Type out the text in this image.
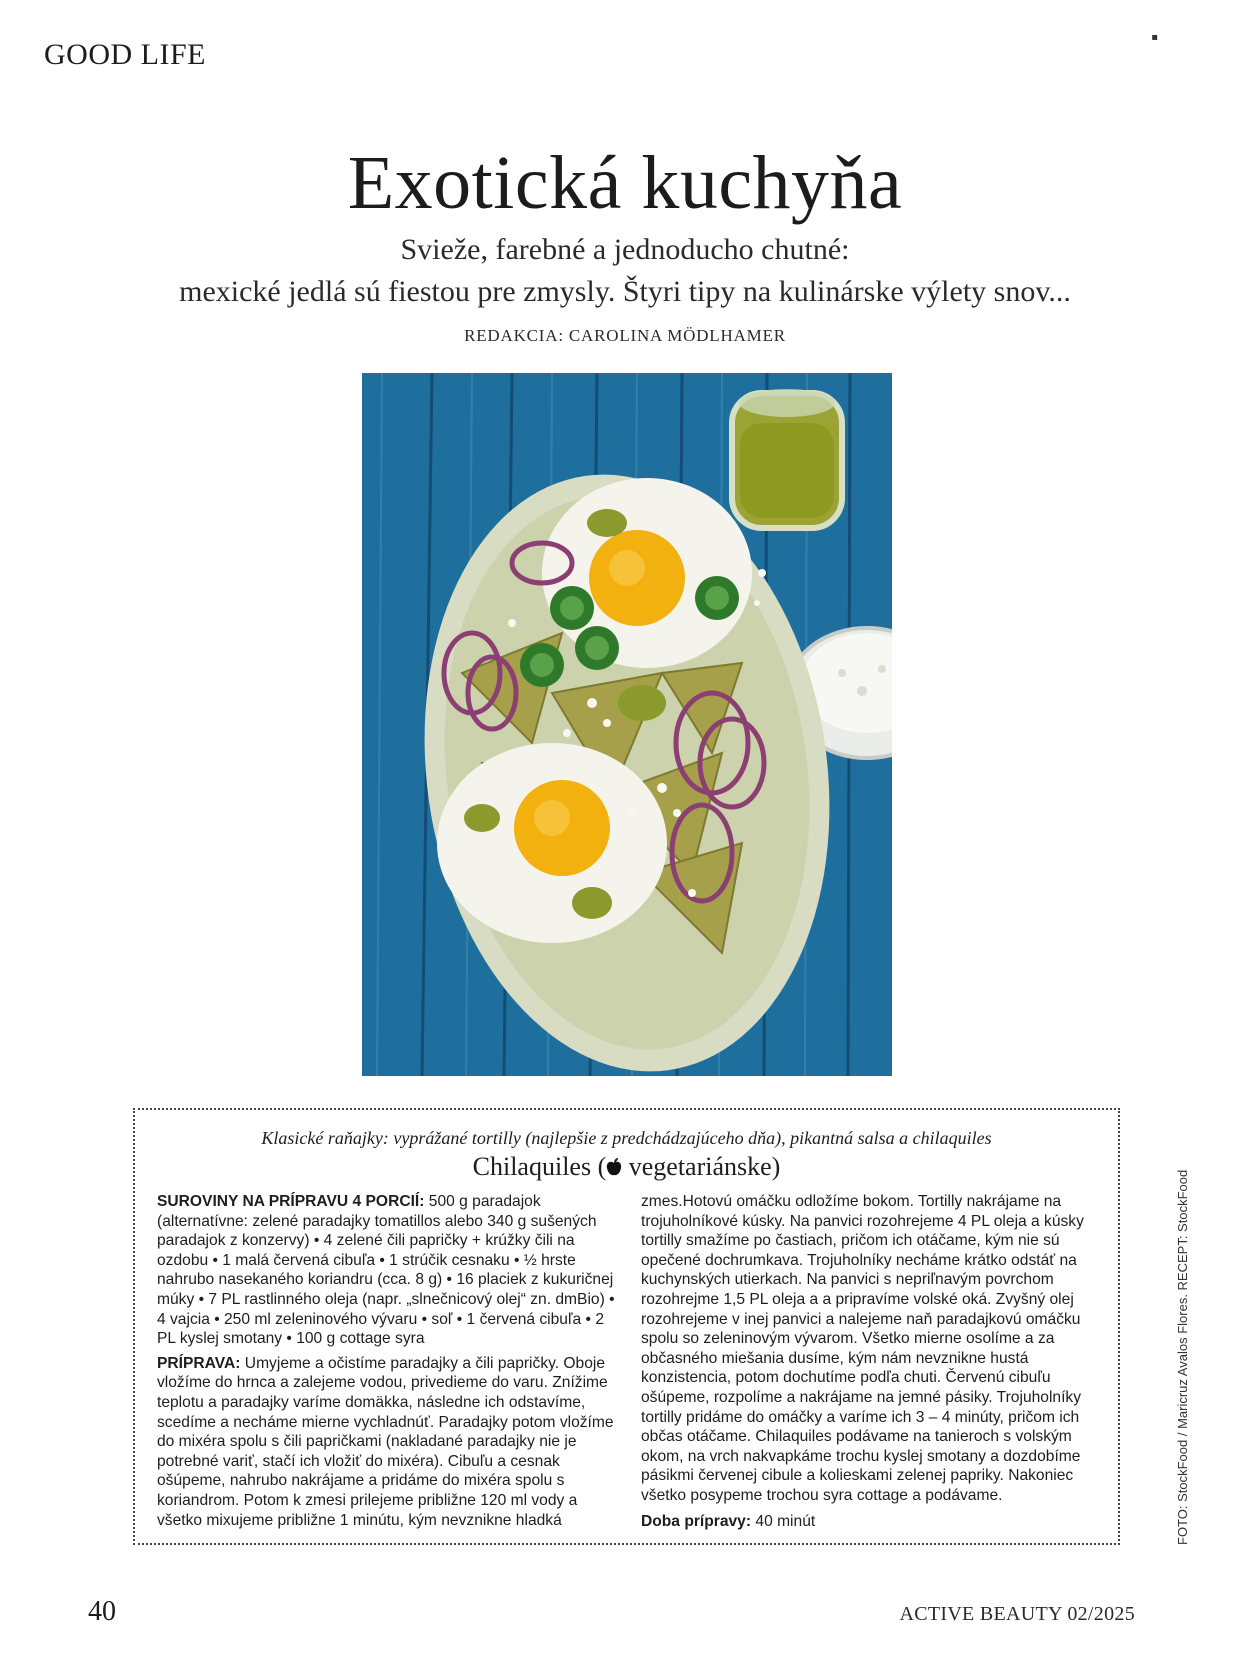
GOOD LIFE
▪
Exotická kuchyňa
Svieže, farebné a jednoducho chutné:
mexické jedlá sú fiestou pre zmysly. Štyri tipy na kulinárske výlety snov...
REDAKCIA: CAROLINA MÖDLHAMER
Klasické raňajky: vyprážané tortilly (najlepšie z predchádzajúceho dňa), pikantná salsa a chilaquiles
Chilaquiles ( vegetariánske)

SUROVINY NA PRÍPRAVU 4 PORCIÍ: 500 g paradajok (alternatívne: zelené paradajky tomatillos alebo 340 g sušených paradajok z konzervy) • 4 zelené čili papričky + krúžky čili na ozdobu • 1 malá červená cibuľa • 1 strúčik cesnaku • ½ hrste nahrubo nasekaného koriandru (cca. 8 g) • 16 placiek z kukuričnej múky • 7 PL rastlinného oleja (napr. „slnečnicový olej“ zn. dmBio) • 4 vajcia • 250 ml zeleninového vývaru • soľ • 1 červená cibuľa • 2 PL kyslej smotany • 100 g cottage syra

PRÍPRAVA: Umyjeme a očistíme paradajky a čili papričky. Oboje vložíme do hrnca a zalejeme vodou, privedieme do varu. Znížime teplotu a paradajky varíme domäkka, následne ich odstavíme, scedíme a necháme mierne vychladnúť. Paradajky potom vložíme do mixéra spolu s čili papričkami (nakladané paradajky nie je potrebné variť, stačí ich vložiť do mixéra). Cibuľu a cesnak ošúpeme, nahrubo nakrájame a pridáme do mixéra spolu s koriandrom. Potom k zmesi prilejeme približne 120 ml vody a všetko mixujeme približne 1 minútu, kým nevznikne hladká

zmes.Hotovú omáčku odložíme bokom. Tortilly nakrájame na trojuholníkové kúsky. Na panvici rozohrejeme 4 PL oleja a kúsky tortilly smažíme po častiach, pričom ich otáčame, kým nie sú opečené dochrumkava. Trojuholníky necháme krátko odstáť na kuchynských utierkach. Na panvici s nepriľnavým povrchom rozohrejme 1,5 PL oleja a a pripravíme volské oká. Zvyšný olej rozohrejeme v inej panvici a nalejeme naň paradajkovú omáčku spolu so zeleninovým vývarom. Všetko mierne osolíme a za občasného miešania dusíme, kým nám nevznikne hustá konzistencia, potom dochutíme podľa chuti. Červenú cibuľu ošúpeme, rozpolíme a nakrájame na jemné pásiky. Trojuholníky tortilly pridáme do omáčky a varíme ich 3 – 4 minúty, pričom ich občas otáčame. Chilaquiles podávame na tanieroch s volským okom, na vrch nakvapkáme trochu kyslej smotany a dozdobíme pásikmi červenej cibule a kolieskami zelenej papriky. Nakoniec všetko posypeme trochou syra cottage a podávame.

Doba prípravy: 40 minút	FOTO: StockFood / Maricruz Avalos Flores. RECEPT: StockFood
40	ACTIVE BEAUTY 02/2025
